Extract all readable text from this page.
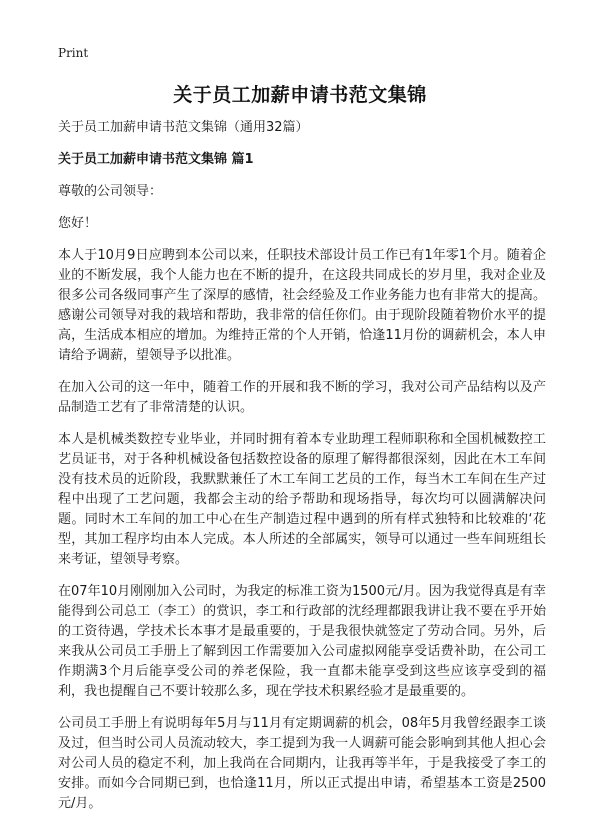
Print
关于员工加薪申请书范文集锦

关于员工加薪申请书范文集锦（通用32篇）

关于员工加薪申请书范文集锦 篇1

尊敬的公司领导：

您好！

本人于10月9日应聘到本公司以来，任职技术部设计员工作已有1年零1个月。随着企业的不断发展，我个人能力也在不断的提升，在这段共同成长的岁月里，我对企业及很多公司各级同事产生了深厚的感情，社会经验及工作业务能力也有非常大的提高。感谢公司领导对我的栽培和帮助，我非常的信任你们。由于现阶段随着物价水平的提高，生活成本相应的增加。为维持正常的个人开销，恰逢11月份的调薪机会，本人申请给予调薪，望领导予以批准。

在加入公司的这一年中，随着工作的开展和我不断的学习，我对公司产品结构以及产品制造工艺有了非常清楚的认识。

本人是机械类数控专业毕业，并同时拥有着本专业助理工程师职称和全国机械数控工艺员证书，对于各种机械设备包括数控设备的原理了解得都很深刻，因此在木工车间没有技术员的近阶段，我默默兼任了木工车间工艺员的工作，每当木工车间在生产过程中出现了工艺问题，我都会主动的给予帮助和现场指导，每次均可以圆满解决问题。同时木工车间的加工中心在生产制造过程中遇到的所有样式独特和比较难的‘花型，其加工程序均由本人完成。本人所述的全部属实，领导可以通过一些车间班组长来考证，望领导考察。

在07年10月刚刚加入公司时，为我定的标准工资为1500元/月。因为我觉得真是有幸能得到公司总工（李工）的赏识，李工和行政部的沈经理都跟我讲让我不要在乎开始的工资待遇，学技术长本事才是最重要的，于是我很快就签定了劳动合同。另外，后来我从公司员工手册上了解到因工作需要加入公司虚拟网能享受话费补助，在公司工作期满3个月后能享受公司的养老保险，我一直都未能享受到这些应该享受到的福利，我也提醒自己不要计较那么多，现在学技术积累经验才是最重要的。

公司员工手册上有说明每年5月与11月有定期调薪的机会，08年5月我曾经跟李工谈及过，但当时公司人员流动较大，李工提到为我一人调薪可能会影响到其他人担心会对公司人员的稳定不利，加上我尚在合同期内，让我再等半年，于是我接受了李工的安排。而如今合同期已到，也恰逢11月，所以正式提出申请，希望基本工资是2500元/月。
